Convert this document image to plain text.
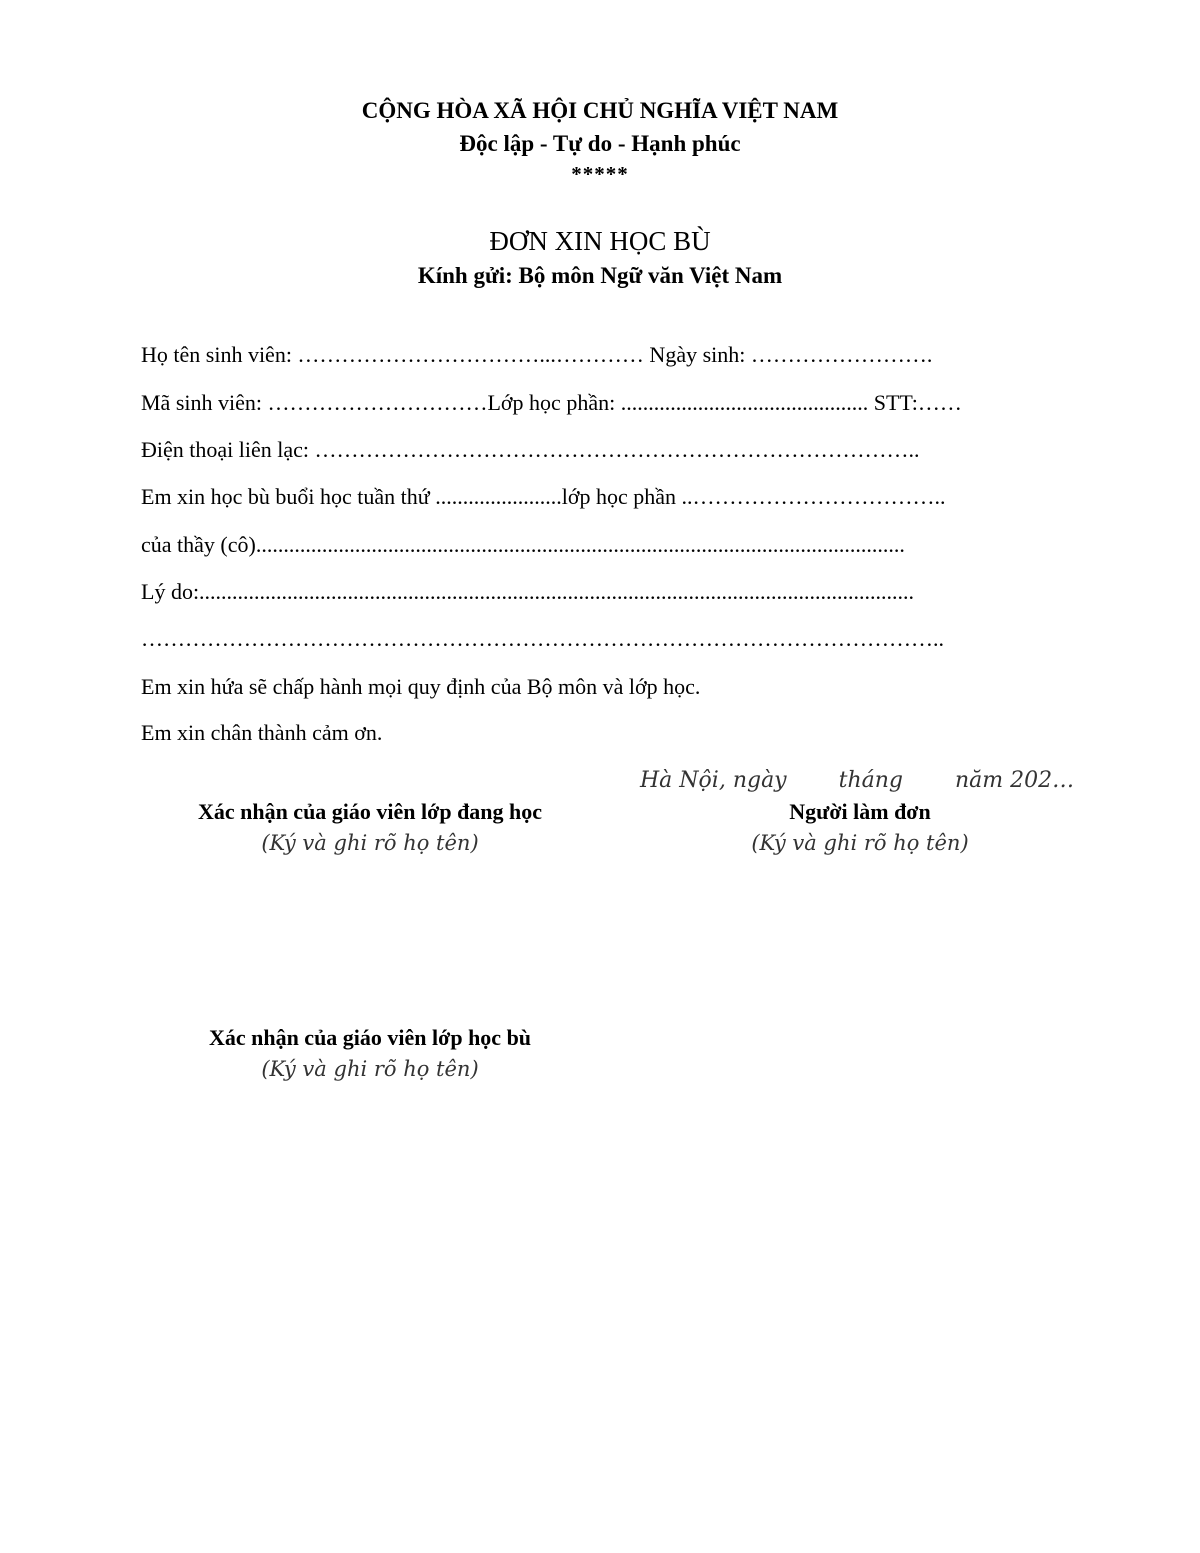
CỘNG HÒA XÃ HỘI CHỦ NGHĨA VIỆT NAM
Độc lập - Tự do - Hạnh phúc
*****
ĐƠN XIN HỌC BÙ
Kính gửi: Bộ môn Ngữ văn Việt Nam
Họ tên sinh viên: ……………………………...………… Ngày sinh: …………………….
Mã sinh viên: …………………………Lớp học phần: ............................................. STT:……
Điện thoại liên lạc: ………………………………………………………………………..
Em xin học bù buổi học tuần thứ .......................lớp học phần ..……………………………..
của thầy (cô)......................................................................................................................
Lý do:..................................................................................................................................
………………………………………………………………………………………………..
Em xin hứa sẽ chấp hành mọi quy định của Bộ môn và lớp học.
Em xin chân thành cảm ơn.
Hà Nội, ngày tháng năm 202…
Xác nhận của giáo viên lớp đang học
(Ký và ghi rõ họ tên)
Người làm đơn
(Ký và ghi rõ họ tên)
Xác nhận của giáo viên lớp học bù
(Ký và ghi rõ họ tên)
